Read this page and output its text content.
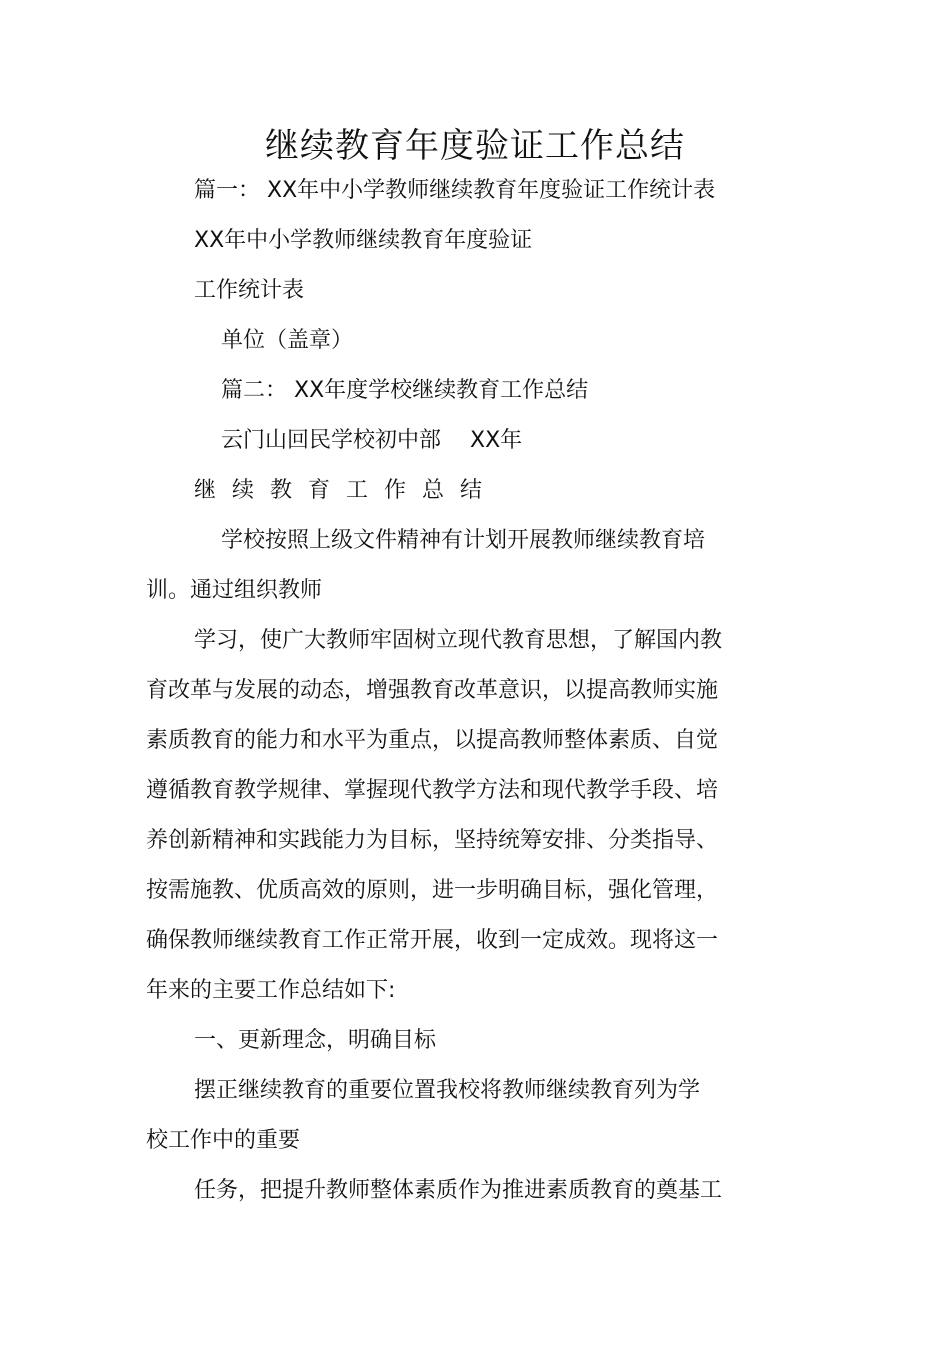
继续教育年度验证工作总结
篇一： XX年中小学教师继续教育年度验证工作统计表
XX年中小学教师继续教育年度验证
工作统计表
单位（盖章）
篇二： XX年度学校继续教育工作总结
云门山回民学校初中部　 XX年
继续教育工作总结
学校按照上级文件精神有计划开展教师继续教育培
训。通过组织教师
学习，使广大教师牢固树立现代教育思想，了解国内教
育改革与发展的动态，增强教育改革意识，以提高教师实施
素质教育的能力和水平为重点，以提高教师整体素质、自觉
遵循教育教学规律、掌握现代教学方法和现代教学手段、培
养创新精神和实践能力为目标，坚持统筹安排、分类指导、
按需施教、优质高效的原则，进一步明确目标，强化管理，
确保教师继续教育工作正常开展，收到一定成效。现将这一
年来的主要工作总结如下:
一、更新理念，明确目标
摆正继续教育的重要位置我校将教师继续教育列为学
校工作中的重要
任务，把提升教师整体素质作为推进素质教育的奠基工
